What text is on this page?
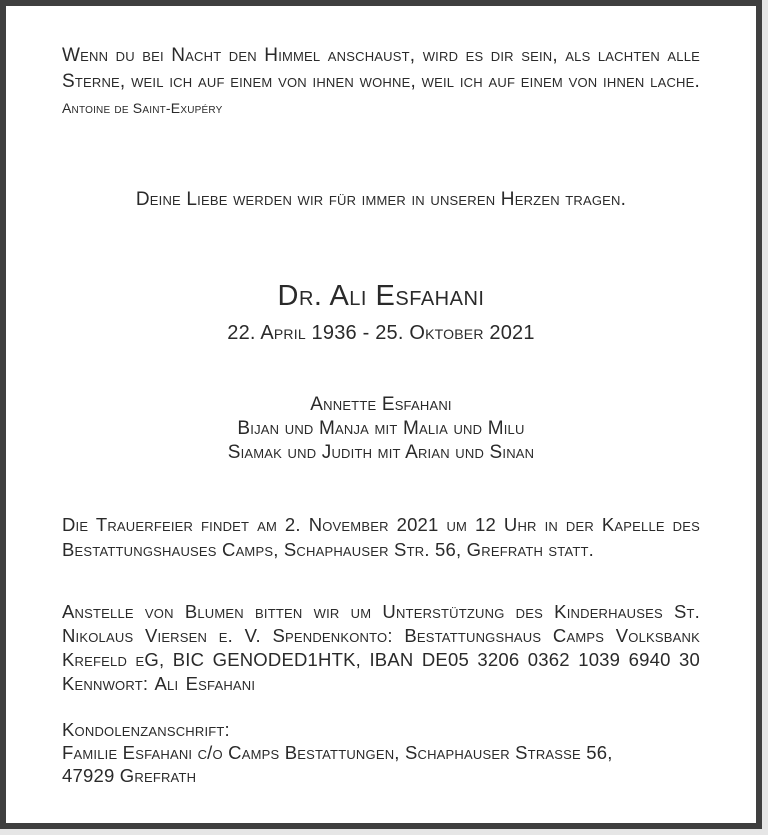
Wenn du bei Nacht den Himmel anschaust, wird es dir sein, als lachten alle Sterne, weil ich auf einem von ihnen wohne, weil ich auf einem von ihnen lache. Antoine de Saint-Exupéry
Deine Liebe werden wir für immer in unseren Herzen tragen.
Dr. Ali Esfahani
22. April 1936 - 25. Oktober 2021
Annette Esfahani
Bijan und Manja mit Malia und Milu
Siamak und Judith mit Arian und Sinan
Die Trauerfeier findet am 2. November 2021 um 12 Uhr in der Kapelle des Bestattungshauses Camps, Schaphauser Str. 56, Grefrath statt.
Anstelle von Blumen bitten wir um Unterstützung des Kinderhauses St. Nikolaus Viersen e. V. Spendenkonto: Bestattungshaus Camps Volksbank Krefeld eG, BIC GENODED1HTK, IBAN DE05 3206 0362 1039 6940 30 Kennwort: Ali Esfahani
Kondolenzanschrift:
Familie Esfahani c/o Camps Bestattungen, Schaphauser Strasse 56,
47929 Grefrath
